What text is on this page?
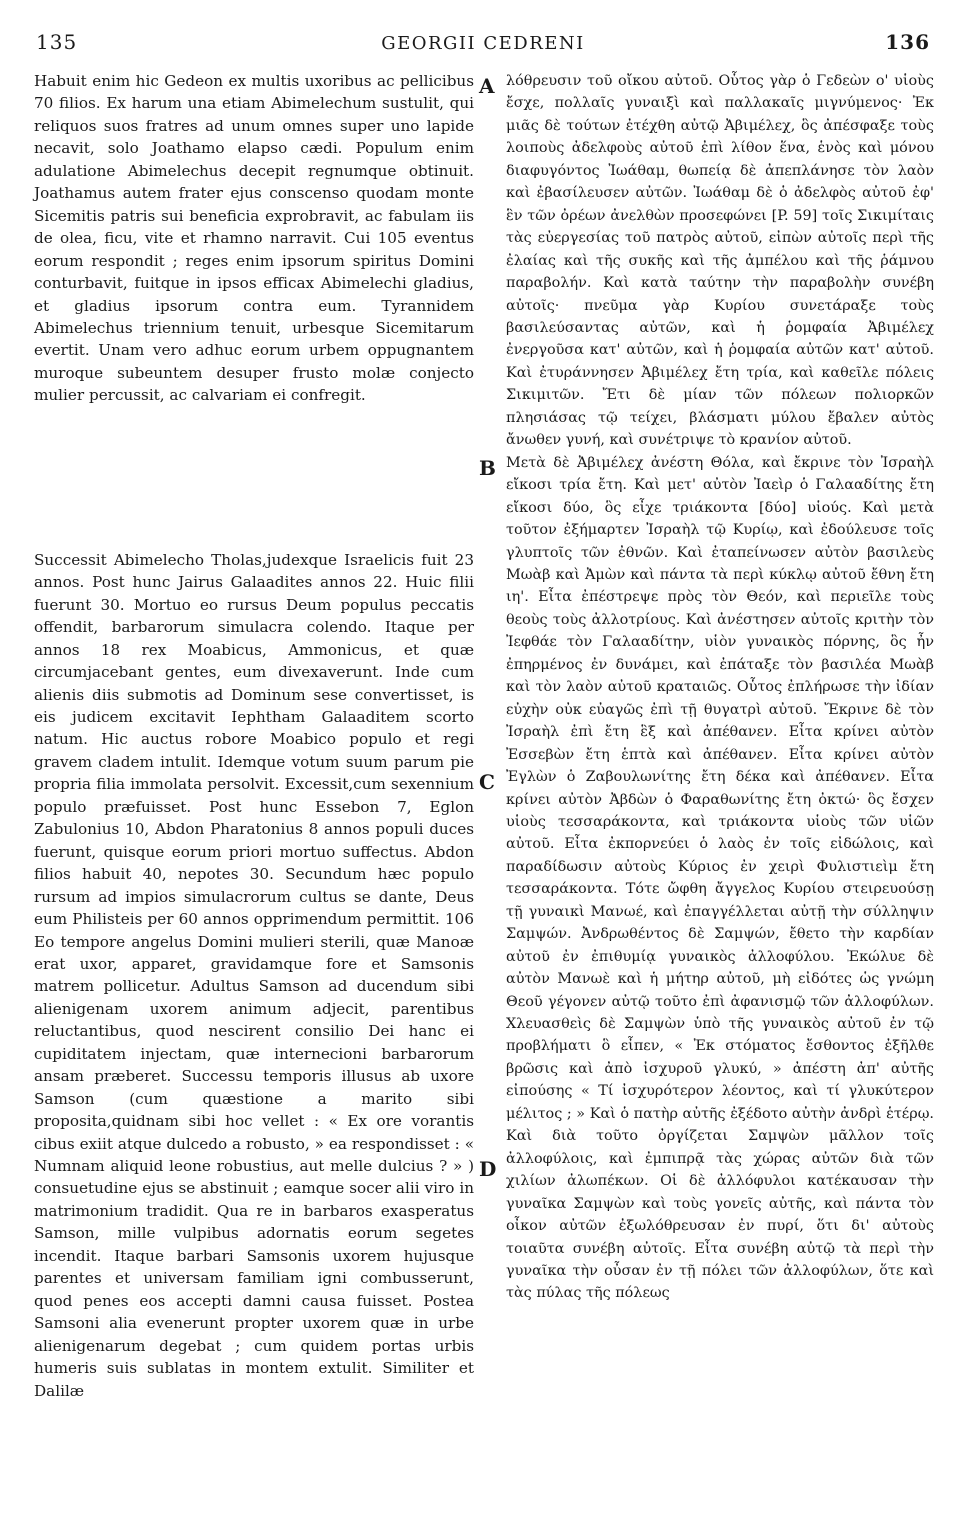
135	GEORGII CEDRENI	136

Habuit enim hic Gedeon ex multis uxoribus ac pellicibus 70 filios. Ex harum una etiam Abimelechum sustulit, qui reliquos suos fratres ad unum omnes super uno lapide necavit, solo Joathamo elapso cædi. Populum enim adulatione Abimelechus decepit regnumque obtinuit. Joathamus autem frater ejus conscenso quodam monte Sicemitis patris sui beneficia exprobravit, ac fabulam iis de olea, ficu, vite et rhamno narravit. Cui 105 eventus eorum respondit ; reges enim ipsorum spiritus Domini conturbavit, fuitque in ipsos efficax Abimelechi gladius, et gladius ipsorum contra eum. Tyrannidem Abimelechus triennium tenuit, urbesque Sicemitarum evertit. Unam vero adhuc eorum urbem oppugnantem muroque subeuntem desuper frusto molæ conjecto mulier percussit, ac calvariam ei confregit.

Successit Abimelecho Tholas,judexque Israelicis fuit 23 annos. Post hunc Jairus Galaadites annos 22. Huic filii fuerunt 30. Mortuo eo rursus Deum populus peccatis offendit, barbarorum simulacra colendo. Itaque per annos 18 rex Moabicus, Ammonicus, et quæ circumjacebant gentes, eum divexaverunt. Inde cum alienis diis submotis ad Dominum sese convertisset, is eis judicem excitavit Iephtham Galaaditem scorto natum. Hic auctus robore Moabico populo et regi gravem cladem intulit. Idemque votum suum parum pie propria filia immolata persolvit. Excessit,cum sexennium populo præfuisset. Post hunc Essebon 7, Eglon Zabulonius 10, Abdon Pharatonius 8 annos populi duces fuerunt, quisque eorum priori mortuo suffectus. Abdon filios habuit 40, nepotes 30. Secundum hæc populo rursum ad impios simulacrorum cultus se dante, Deus eum Philisteis per 60 annos opprimendum permittit. 106 Eo tempore angelus Domini mulieri sterili, quæ Manoæ erat uxor, apparet, gravidamque fore et Samsonis matrem pollicetur. Adultus Samson ad ducendum sibi alienigenam uxorem animum adjecit, parentibus reluctantibus, quod nescirent consilio Dei hanc ei cupiditatem injectam, quæ internecioni barbarorum ansam præberet. Successu temporis illusus ab uxore Samson (cum quæstione a marito sibi proposita,quidnam sibi hoc vellet : « Ex ore vorantis cibus exiit atque dulcedo a robusto, » ea respondisset : « Numnam aliquid leone robustius, aut melle dulcius ? » ) consuetudine ejus se abstinuit ; eamque socer alii viro in matrimonium tradidit. Qua re in barbaros exasperatus Samson, mille vulpibus adornatis eorum segetes incendit. Itaque barbari Samsonis uxorem hujusque parentes et universam familiam igni combusserunt, quod penes eos accepti damni causa fuisset. Postea Samsoni alia evenerunt propter uxorem quæ in urbe alienigenarum degebat ; cum quidem portas urbis humeris suis sublatas in montem extulit. Similiter et Dalilæ

λόθρευσιν τοῦ οἴκου αὐτοῦ. Οὗτος γὰρ ὁ Γεδεὼν ο' υἱοὺς ἔσχε, πολλαῖς γυναιξὶ καὶ παλλακαῖς μιγνύμενος· Ἐκ μιᾶς δὲ τούτων ἐτέχθη αὐτῷ Ἀβιμέλεχ, ὃς ἀπέσφαξε τοὺς λοιποὺς ἀδελφοὺς αὐτοῦ ἐπὶ λίθον ἕνα, ἑνὸς καὶ μόνου διαφυγόντος Ἰωάθαμ, θωπείᾳ δὲ ἀπεπλάνησε τὸν λαὸν καὶ ἐβασίλευσεν αὐτῶν. Ἰωάθαμ δὲ ὁ ἀδελφὸς αὐτοῦ ἐφ' ἓν τῶν ὀρέων ἀνελθὼν προσεφώνει [P. 59] τοῖς Σικιμίταις τὰς εὐεργεσίας τοῦ πατρὸς αὐτοῦ, εἰπὼν αὐτοῖς περὶ τῆς ἐλαίας καὶ τῆς συκῆς καὶ τῆς ἀμπέλου καὶ τῆς ῥάμνου παραβολήν. Καὶ κατὰ ταύτην τὴν παραβολὴν συνέβη αὐτοῖς· πνεῦμα γὰρ Κυρίου συνετάραξε τοὺς βασιλεύσαντας αὐτῶν, καὶ ἡ ῥομφαία Ἀβιμέλεχ ἐνεργοῦσα κατ' αὐτῶν, καὶ ἡ ῥομφαία αὐτῶν κατ' αὐτοῦ. Καὶ ἐτυράννησεν Ἀβιμέλεχ ἔτη τρία, καὶ καθεῖλε πόλεις Σικιμιτῶν. Ἔτι δὲ μίαν τῶν πόλεων πολιορκῶν πλησιάσας τῷ τείχει, βλάσματι μύλου ἔβαλεν αὐτὸς ἄνωθεν γυνή, καὶ συνέτριψε τὸ κρανίον αὐτοῦ.

Μετὰ δὲ Ἀβιμέλεχ ἀνέστη Θόλα, καὶ ἔκρινε τὸν Ἰσραὴλ εἴκοσι τρία ἔτη. Καὶ μετ' αὐτὸν Ἰαεὶρ ὁ Γαλααδίτης ἔτη εἴκοσι δύο, ὃς εἶχε τριάκοντα [δύο] υἱούς. Καὶ μετὰ τοῦτον ἐξήμαρτεν Ἰσραὴλ τῷ Κυρίῳ, καὶ ἐδούλευσε τοῖς γλυπτοῖς τῶν ἐθνῶν. Καὶ ἐταπείνωσεν αὐτὸν βασιλεὺς Μωὰβ καὶ Ἀμὼν καὶ πάντα τὰ περὶ κύκλῳ αὐτοῦ ἔθνη ἔτη ιη'. Εἶτα ἐπέστρεψε πρὸς τὸν Θεόν, καὶ περιεῖλε τοὺς θεοὺς τοὺς ἀλλοτρίους. Καὶ ἀνέστησεν αὐτοῖς κριτὴν τὸν Ἰεφθάε τὸν Γαλααδίτην, υἱὸν γυναικὸς πόρνης, ὃς ἦν ἐπηρμένος ἐν δυνάμει, καὶ ἐπάταξε τὸν βασιλέα Μωὰβ καὶ τὸν λαὸν αὐτοῦ κραταιῶς. Οὗτος ἐπλήρωσε τὴν ἰδίαν εὐχὴν οὐκ εὐαγῶς ἐπὶ τῇ θυγατρὶ αὐτοῦ. Ἔκρινε δὲ τὸν Ἰσραὴλ ἐπὶ ἔτη ἓξ καὶ ἀπέθανεν. Εἶτα κρίνει αὐτὸν Ἐσσεβὼν ἔτη ἑπτὰ καὶ ἀπέθανεν. Εἶτα κρίνει αὐτὸν Ἐγλὼν ὁ Ζαβουλωνίτης ἔτη δέκα καὶ ἀπέθανεν. Εἶτα κρίνει αὐτὸν Ἀβδὼν ὁ Φαραθωνίτης ἔτη ὀκτώ· ὃς ἔσχεν υἱοὺς τεσσαράκοντα, καὶ τριάκοντα υἱοὺς τῶν υἱῶν αὐτοῦ. Εἶτα ἐκπορνεύει ὁ λαὸς ἐν τοῖς εἰδώλοις, καὶ παραδίδωσιν αὐτοὺς Κύριος ἐν χειρὶ Φυλιστιεὶμ ἔτη τεσσαράκοντα. Τότε ὤφθη ἄγγελος Κυρίου στειρευούσῃ τῇ γυναικὶ Μανωέ, καὶ ἐπαγγέλλεται αὐτῇ τὴν σύλληψιν Σαμψών. Ἀνδρωθέντος δὲ Σαμψών, ἔθετο τὴν καρδίαν αὐτοῦ ἐν ἐπιθυμίᾳ γυναικὸς ἀλλοφύλου. Ἐκώλυε δὲ αὐτὸν Μανωὲ καὶ ἡ μήτηρ αὐτοῦ, μὴ εἰδότες ὡς γνώμη Θεοῦ γέγονεν αὐτῷ τοῦτο ἐπὶ ἀφανισμῷ τῶν ἀλλοφύλων. Χλευασθεὶς δὲ Σαμψὼν ὑπὸ τῆς γυναικὸς αὐτοῦ ἐν τῷ προβλήματι ὃ εἶπεν, « Ἐκ στόματος ἔσθοντος ἐξῆλθε βρῶσις καὶ ἀπὸ ἰσχυροῦ γλυκύ, » ἀπέστη ἀπ' αὐτῆς εἰπούσης « Τί ἰσχυρότερον λέοντος, καὶ τί γλυκύτερον μέλιτος ; » Καὶ ὁ πατὴρ αὐτῆς ἐξέδοτο αὐτὴν ἀνδρὶ ἑτέρῳ. Καὶ διὰ τοῦτο ὀργίζεται Σαμψὼν μᾶλλον τοῖς ἀλλοφύλοις, καὶ ἐμπιπρᾷ τὰς χώρας αὐτῶν διὰ τῶν χιλίων ἀλωπέκων. Οἱ δὲ ἀλλόφυλοι κατέκαυσαν τὴν γυναῖκα Σαμψὼν καὶ τοὺς γονεῖς αὐτῆς, καὶ πάντα τὸν οἶκον αὐτῶν ἐξωλόθρευσαν ἐν πυρί, ὅτι δι' αὐτοὺς τοιαῦτα συνέβη αὐτοῖς. Εἶτα συνέβη αὐτῷ τὰ περὶ τὴν γυναῖκα τὴν οὖσαν ἐν τῇ πόλει τῶν ἀλλοφύλων, ὅτε καὶ τὰς πύλας τῆς πόλεως

A
B
C
D
